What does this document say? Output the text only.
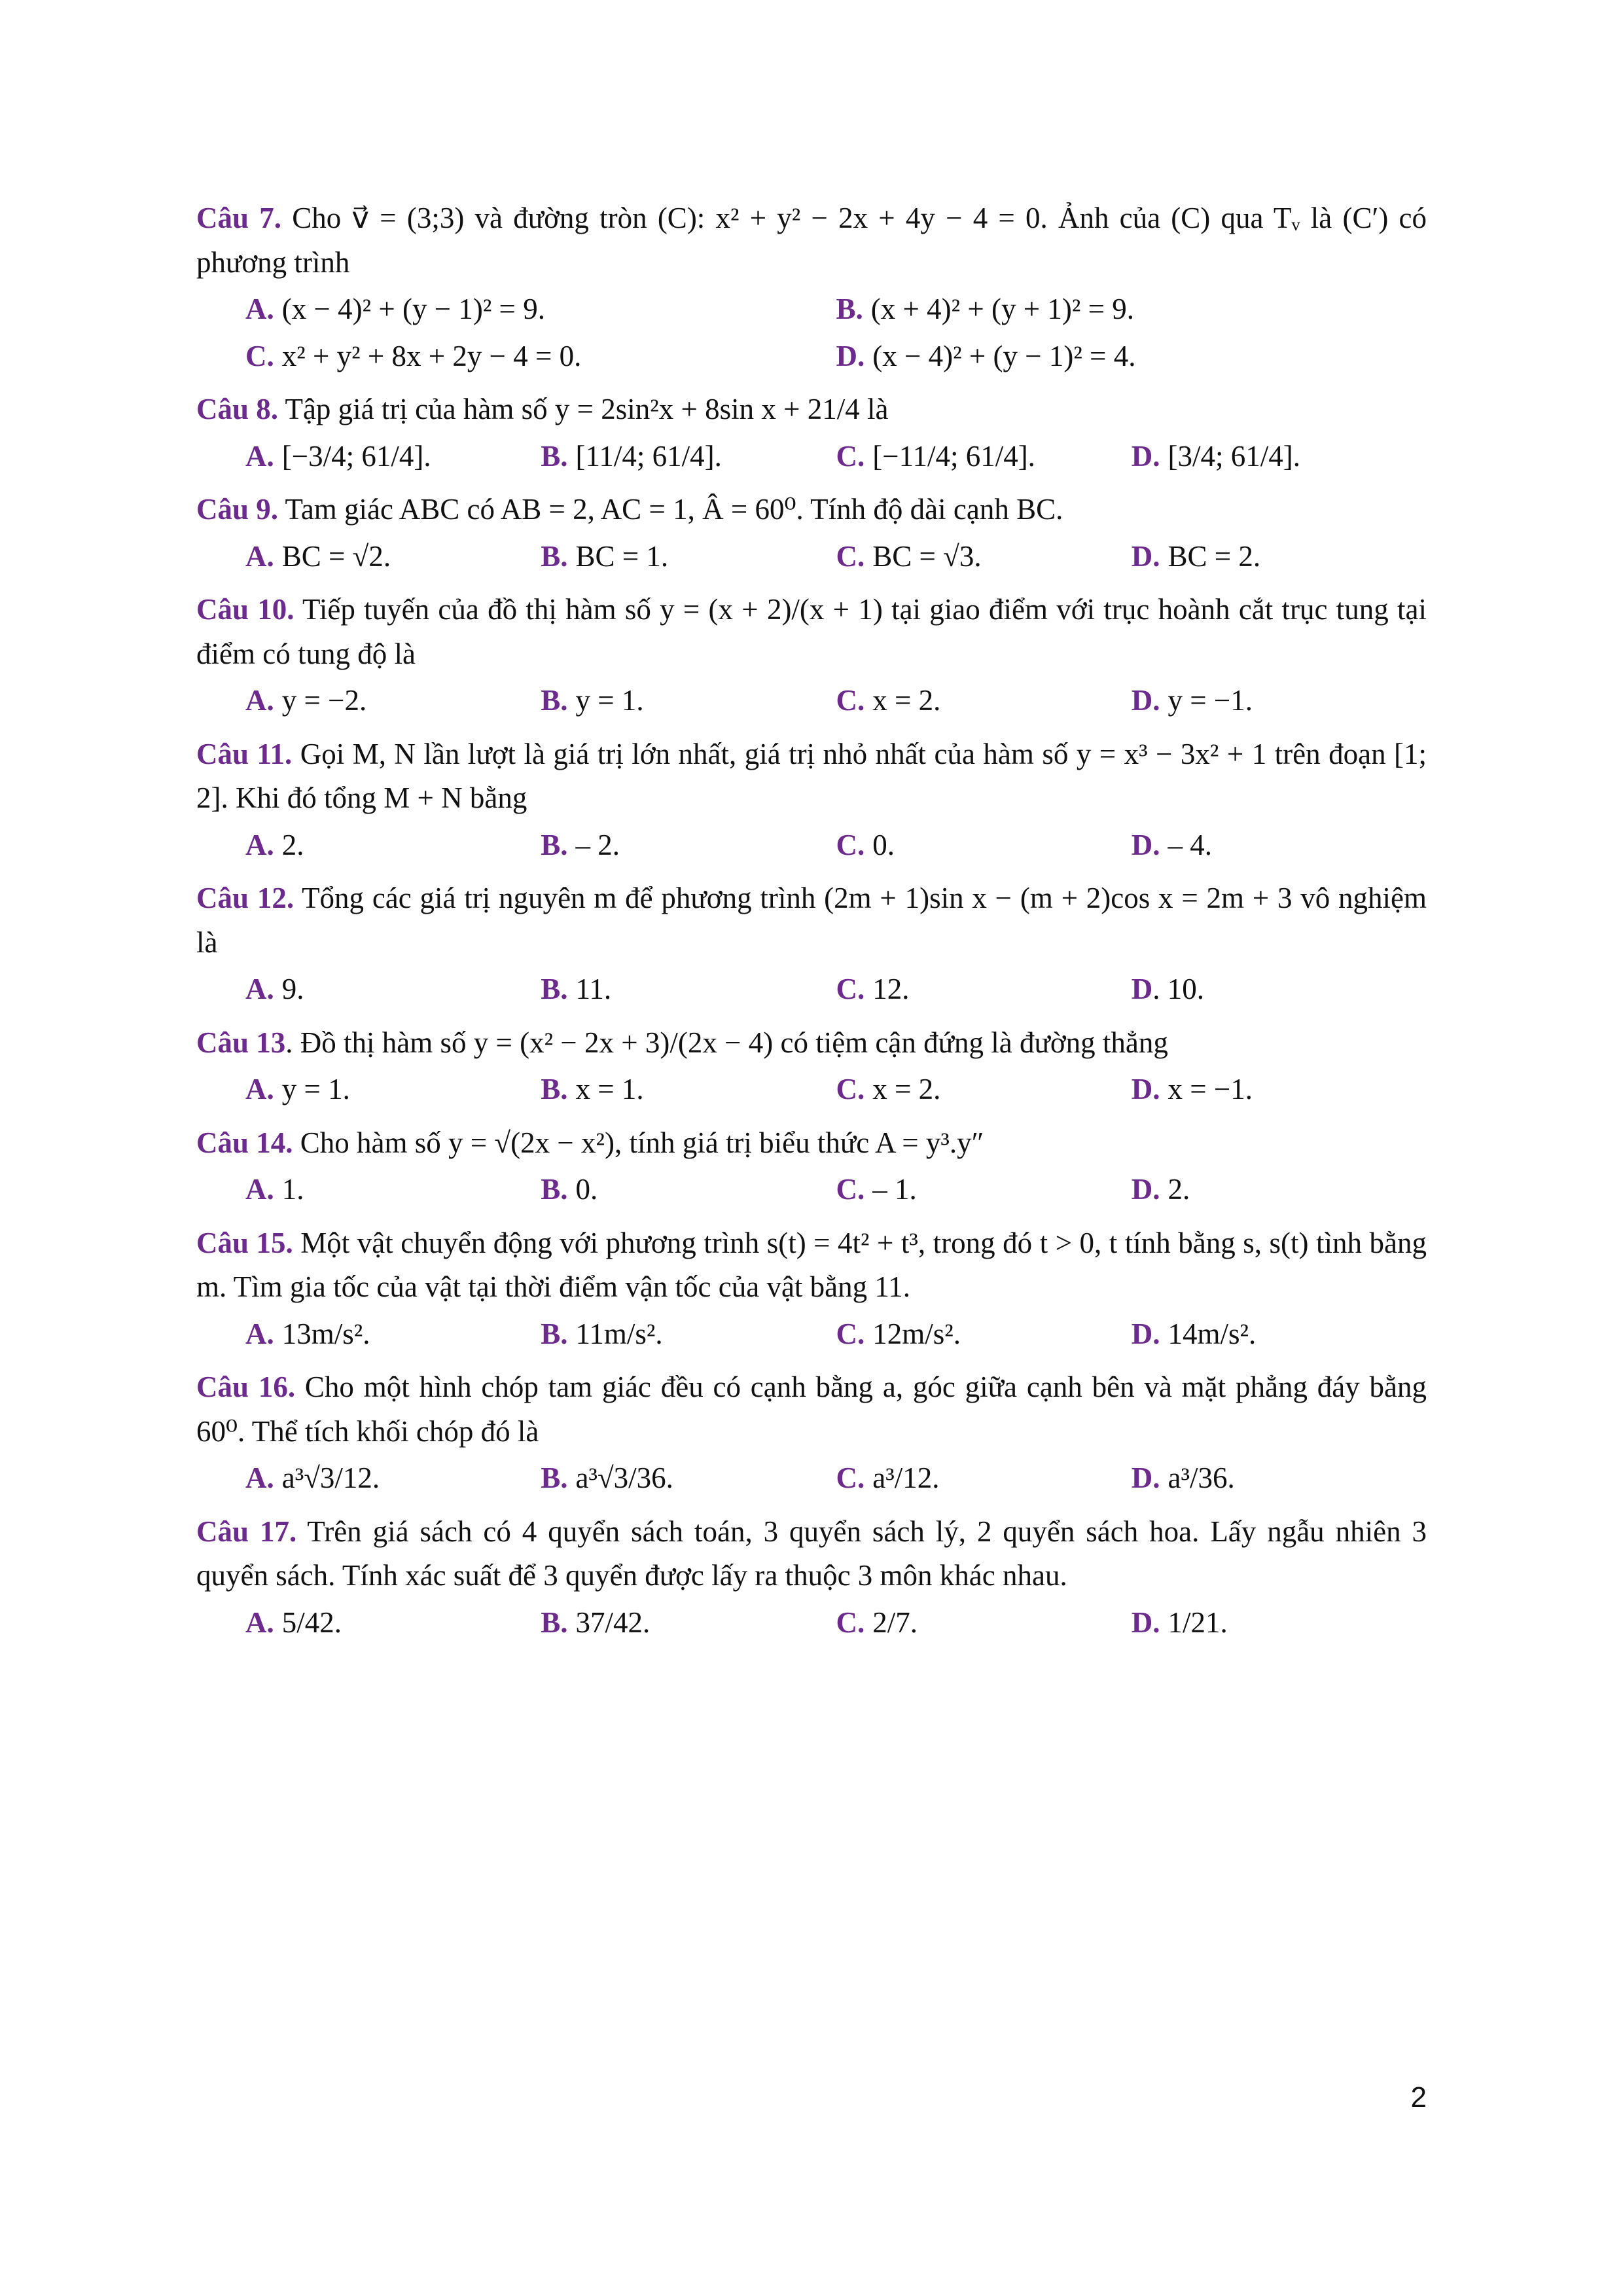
Câu 7. Cho v⃗ = (3;3) và đường tròn (C): x² + y² − 2x + 4y − 4 = 0. Ảnh của (C) qua Tᵥ là (C′) có phương trình

A. (x − 4)² + (y − 1)² = 9.	B. (x + 4)² + (y + 1)² = 9.
C. x² + y² + 8x + 2y − 4 = 0.	D. (x − 4)² + (y − 1)² = 4.

Câu 8. Tập giá trị của hàm số y = 2sin²x + 8sin x + 21/4 là

A. [−3/4; 61/4].	B. [11/4; 61/4].	C. [−11/4; 61/4].	D. [3/4; 61/4].

Câu 9. Tam giác ABC có AB = 2, AC = 1, Â = 60⁰. Tính độ dài cạnh BC.

A. BC = √2.	B. BC = 1.	C. BC = √3.	D. BC = 2.

Câu 10. Tiếp tuyến của đồ thị hàm số y = (x + 2)/(x + 1) tại giao điểm với trục hoành cắt trục tung tại điểm có tung độ là

A. y = −2.	B. y = 1.	C. x = 2.	D. y = −1.

Câu 11. Gọi M, N lần lượt là giá trị lớn nhất, giá trị nhỏ nhất của hàm số y = x³ − 3x² + 1 trên đoạn [1; 2]. Khi đó tổng M + N bằng

A. 2.	B. – 2.	C. 0.	D. – 4.

Câu 12. Tổng các giá trị nguyên m để phương trình (2m + 1)sin x − (m + 2)cos x = 2m + 3 vô nghiệm là

A. 9.	B. 11.	C. 12.	D. 10.

Câu 13. Đồ thị hàm số y = (x² − 2x + 3)/(2x − 4) có tiệm cận đứng là đường thẳng

A. y = 1.	B. x = 1.	C. x = 2.	D. x = −1.

Câu 14. Cho hàm số y = √(2x − x²), tính giá trị biểu thức A = y³.y″

A. 1.	B. 0.	C. – 1.	D. 2.

Câu 15. Một vật chuyển động với phương trình s(t) = 4t² + t³, trong đó t > 0, t tính bằng s, s(t) tình bằng m. Tìm gia tốc của vật tại thời điểm vận tốc của vật bằng 11.

A. 13m/s².	B. 11m/s².	C. 12m/s².	D. 14m/s².

Câu 16. Cho một hình chóp tam giác đều có cạnh bằng a, góc giữa cạnh bên và mặt phẳng đáy bằng 60⁰. Thể tích khối chóp đó là

A. a³√3/12.	B. a³√3/36.	C. a³/12.	D. a³/36.

Câu 17. Trên giá sách có 4 quyển sách toán, 3 quyển sách lý, 2 quyển sách hoa. Lấy ngẫu nhiên 3 quyển sách. Tính xác suất để 3 quyển được lấy ra thuộc 3 môn khác nhau.

A. 5/42.	B. 37/42.	C. 2/7.	D. 1/21.
2
